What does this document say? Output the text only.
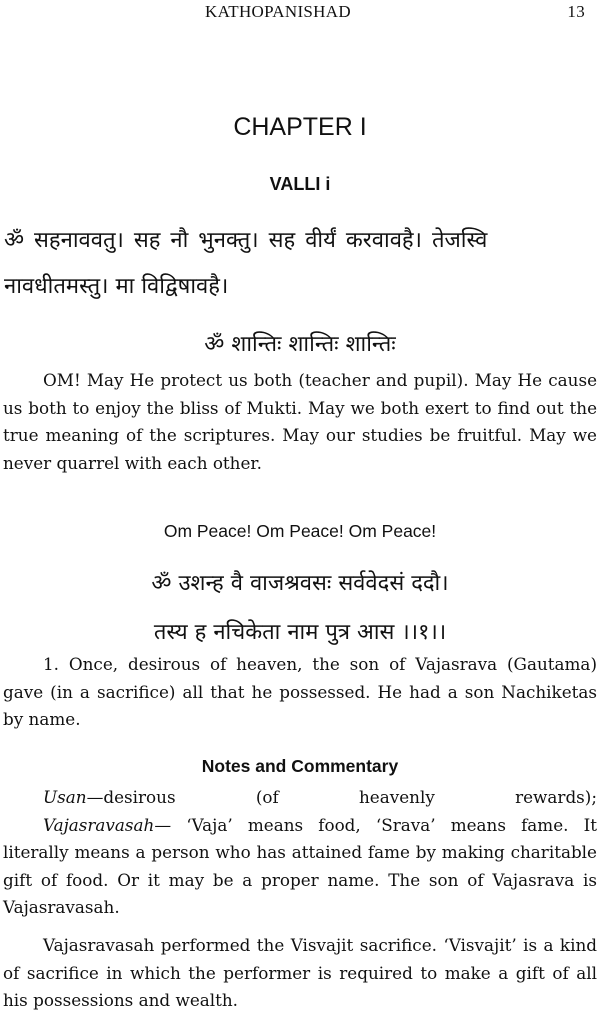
KATHOPANISHAD	13
CHAPTER I
VALLI i
ॐ सहनाववतु। सह नौ भुनक्तु। सह वीर्यं करवावहै। तेजस्वि
नावधीतमस्तु। मा विद्विषावहै।
ॐ शान्तिः शान्तिः शान्तिः

OM! May He protect us both (teacher and pupil). May He cause us both to enjoy the bliss of Mukti. May we both exert to find out the true meaning of the scriptures. May our studies be fruitful. May we never quarrel with each other.

Om Peace! Om Peace! Om Peace!
ॐ उशन्ह वै वाजश्रवसः सर्ववेदसं ददौ।
तस्य ह नचिकेता नाम पुत्र आस ।।१।।

1. Once, desirous of heaven, the son of Vajasrava (Gautama) gave (in a sacrifice) all that he possessed. He had a son Nachiketas by name.

Notes and Commentary
Usan—desirous	(of	heavenly	rewards);

Vajasravasah— ‘Vaja’ means food, ‘Srava’ means fame. It literally means a person who has attained fame by making charitable gift of food. Or it may be a proper name. The son of Vajasrava is Vajasravasah.

Vajasravasah performed the Visvajit sacrifice. ‘Visvajit’ is a kind of sacrifice in which the performer is required to make a gift of all his possessions and wealth.
